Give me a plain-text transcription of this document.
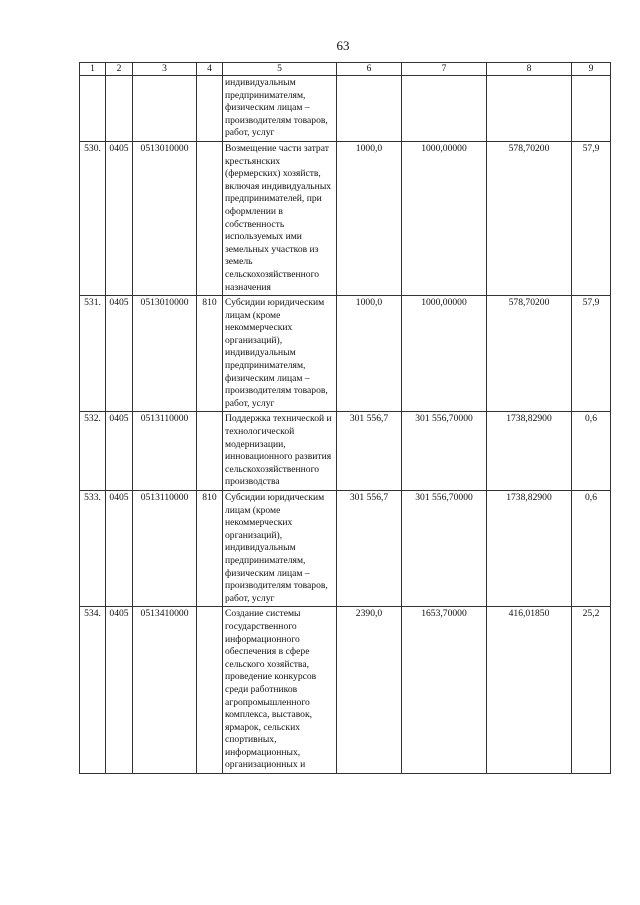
63
1	2	3	4	5	6	7	8	9
				индивидуальным предпринимателям, физическим лицам – производителям товаров, работ, услуг				
530.	0405	0513010000		Возмещение части затрат крестьянских (фермерских) хозяйств, включая индивидуальных предпринимателей, при оформлении в собственность используемых ими земельных участков из земель сельскохозяйственного назначения	1000,0	1000,00000	578,70200	57,9
531.	0405	0513010000	810	Субсидии юридическим лицам (кроме некоммерческих организаций), индивидуальным предпринимателям, физическим лицам – производителям товаров, работ, услуг	1000,0	1000,00000	578,70200	57,9
532.	0405	0513110000		Поддержка технической и технологической модернизации, инновационного развития сельскохозяйственного производства	301 556,7	301 556,70000	1738,82900	0,6
533.	0405	0513110000	810	Субсидии юридическим лицам (кроме некоммерческих организаций), индивидуальным предпринимателям, физическим лицам – производителям товаров, работ, услуг	301 556,7	301 556,70000	1738,82900	0,6
534.	0405	0513410000		Создание системы государственного информационного обеспечения в сфере сельского хозяйства, проведение конкурсов среди работников агропромышленного комплекса, выставок, ярмарок, сельских спортивных, информационных, организационных и	2390,0	1653,70000	416,01850	25,2
